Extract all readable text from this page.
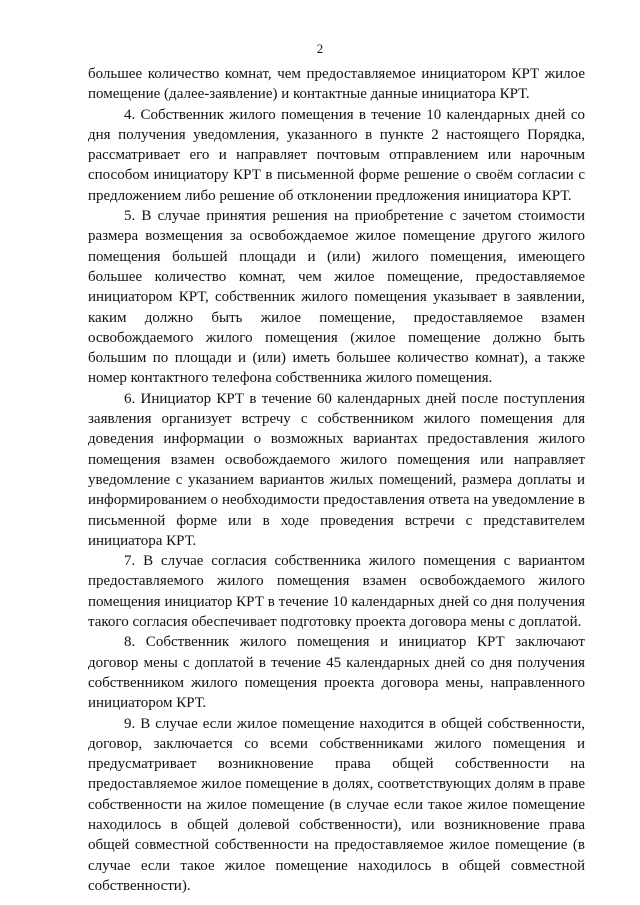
2

большее количество комнат, чем предоставляемое инициатором КРТ жилое помещение (далее-заявление) и контактные данные инициатора КРТ.

4. Собственник жилого помещения в течение 10 календарных дней со дня получения уведомления, указанного в пункте 2 настоящего Порядка, рассматривает его и направляет почтовым отправлением или нарочным способом инициатору КРТ в письменной форме решение о своём согласии с предложением либо решение об отклонении предложения инициатора КРТ.

5. В случае принятия решения на приобретение с зачетом стоимости размера возмещения за освобождаемое жилое помещение другого жилого помещения большей площади и (или) жилого помещения, имеющего большее количество комнат, чем жилое помещение, предоставляемое инициатором КРТ, собственник жилого помещения указывает в заявлении, каким должно быть жилое помещение, предоставляемое взамен освобождаемого жилого помещения (жилое помещение должно быть большим по площади и (или) иметь большее количество комнат), а также номер контактного телефона собственника жилого помещения.

6. Инициатор КРТ в течение 60 календарных дней после поступления заявления организует встречу с собственником жилого помещения для доведения информации о возможных вариантах предоставления жилого помещения взамен освобождаемого жилого помещения или направляет уведомление с указанием вариантов жилых помещений, размера доплаты и информированием о необходимости предоставления ответа на уведомление в письменной форме или в ходе проведения встречи с представителем инициатора КРТ.

7. В случае согласия собственника жилого помещения с вариантом предоставляемого жилого помещения взамен освобождаемого жилого помещения инициатор КРТ в течение 10 календарных дней со дня получения такого согласия обеспечивает подготовку проекта договора мены с доплатой.

8. Собственник жилого помещения и инициатор КРТ заключают договор мены с доплатой в течение 45 календарных дней со дня получения собственником жилого помещения проекта договора мены, направленного инициатором КРТ.

9. В случае если жилое помещение находится в общей собственности, договор, заключается со всеми собственниками жилого помещения и предусматривает возникновение права общей собственности на предоставляемое жилое помещение в долях, соответствующих долям в праве собственности на жилое помещение (в случае если такое жилое помещение находилось в общей долевой собственности), или возникновение права общей совместной собственности на предоставляемое жилое помещение (в случае если такое жилое помещение находилось в общей совместной собственности).
